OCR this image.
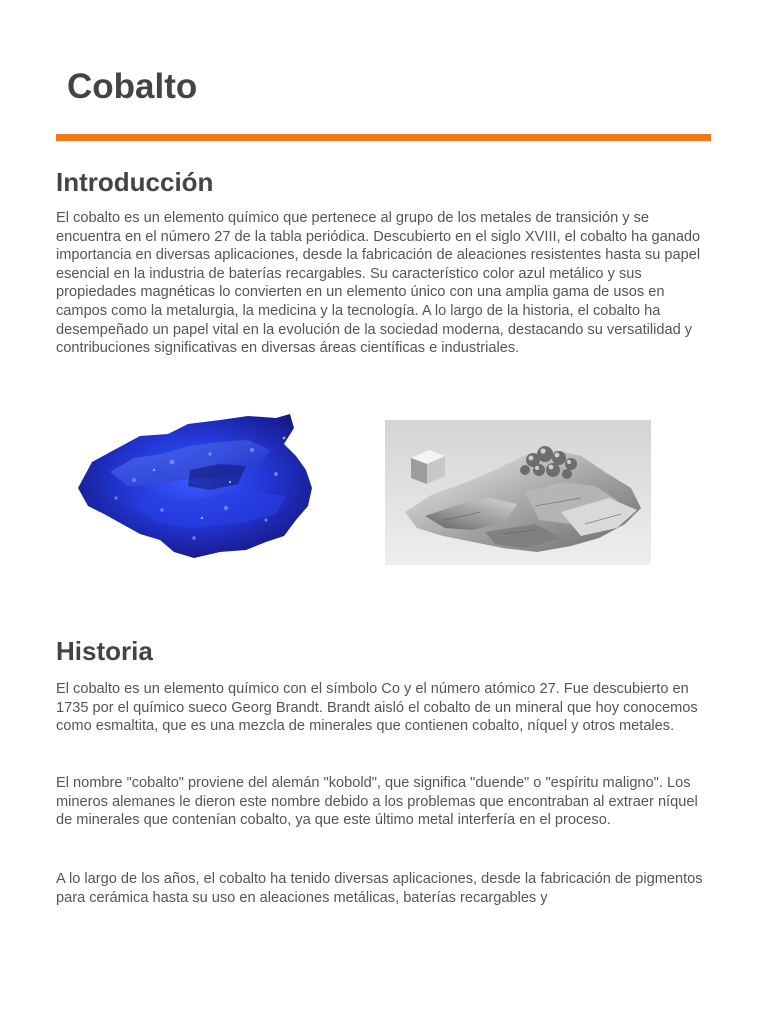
Cobalto
Introducción

El cobalto es un elemento químico que pertenece al grupo de los metales de transición y se encuentra en el número 27 de la tabla periódica. Descubierto en el siglo XVIII, el cobalto ha ganado importancia en diversas aplicaciones, desde la fabricación de aleaciones resistentes hasta su papel esencial en la industria de baterías recargables. Su característico color azul metálico y sus propiedades magnéticas lo convierten en un elemento único con una amplia gama de usos en campos como la metalurgia, la medicina y la tecnología. A lo largo de la historia, el cobalto ha desempeñado un papel vital en la evolución de la sociedad moderna, destacando su versatilidad y contribuciones significativas en diversas áreas científicas e industriales.

Historia

El cobalto es un elemento químico con el símbolo Co y el número atómico 27. Fue descubierto en 1735 por el químico sueco Georg Brandt. Brandt aisló el cobalto de un mineral que hoy conocemos como esmaltita, que es una mezcla de minerales que contienen cobalto, níquel y otros metales.

El nombre "cobalto" proviene del alemán "kobold", que significa "duende" o "espíritu maligno". Los mineros alemanes le dieron este nombre debido a los problemas que encontraban al extraer níquel de minerales que contenían cobalto, ya que este último metal interfería en el proceso.

A lo largo de los años, el cobalto ha tenido diversas aplicaciones, desde la fabricación de pigmentos para cerámica hasta su uso en aleaciones metálicas, baterías recargables y
